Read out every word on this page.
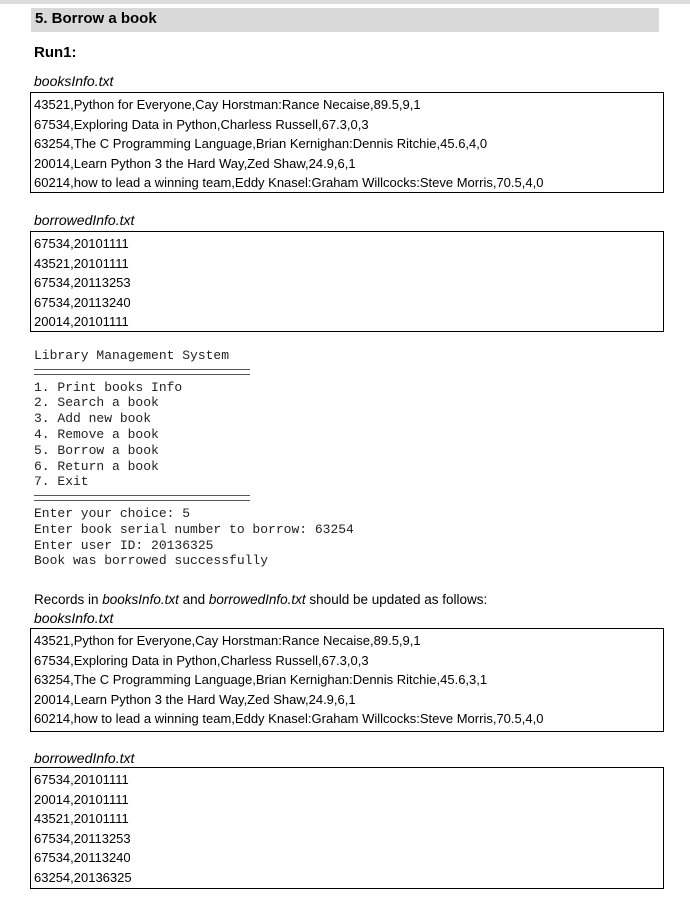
5. Borrow a book
Run1:
booksInfo.txt
43521,Python for Everyone,Cay Horstman:Rance Necaise,89.5,9,1
67534,Exploring Data in Python,Charless Russell,67.3,0,3
63254,The C Programming Language,Brian Kernighan:Dennis Ritchie,45.6,4,0
20014,Learn Python 3 the Hard Way,Zed Shaw,24.9,6,1
60214,how to lead a winning team,Eddy Knasel:Graham Willcocks:Steve Morris,70.5,4,0
borrowedInfo.txt
67534,20101111
43521,20101111
67534,20113253
67534,20113240
20014,20101111
Library Management System
1. Print books Info
2. Search a book
3. Add new book
4. Remove a book
5. Borrow a book
6. Return a book
7. Exit
Enter your choice: 5
Enter book serial number to borrow: 63254
Enter user ID: 20136325
Book was borrowed successfully
Records in booksInfo.txt and borrowedInfo.txt should be updated as follows:
booksInfo.txt
43521,Python for Everyone,Cay Horstman:Rance Necaise,89.5,9,1
67534,Exploring Data in Python,Charless Russell,67.3,0,3
63254,The C Programming Language,Brian Kernighan:Dennis Ritchie,45.6,3,1
20014,Learn Python 3 the Hard Way,Zed Shaw,24.9,6,1
60214,how to lead a winning team,Eddy Knasel:Graham Willcocks:Steve Morris,70.5,4,0
borrowedInfo.txt
67534,20101111
20014,20101111
43521,20101111
67534,20113253
67534,20113240
63254,20136325
